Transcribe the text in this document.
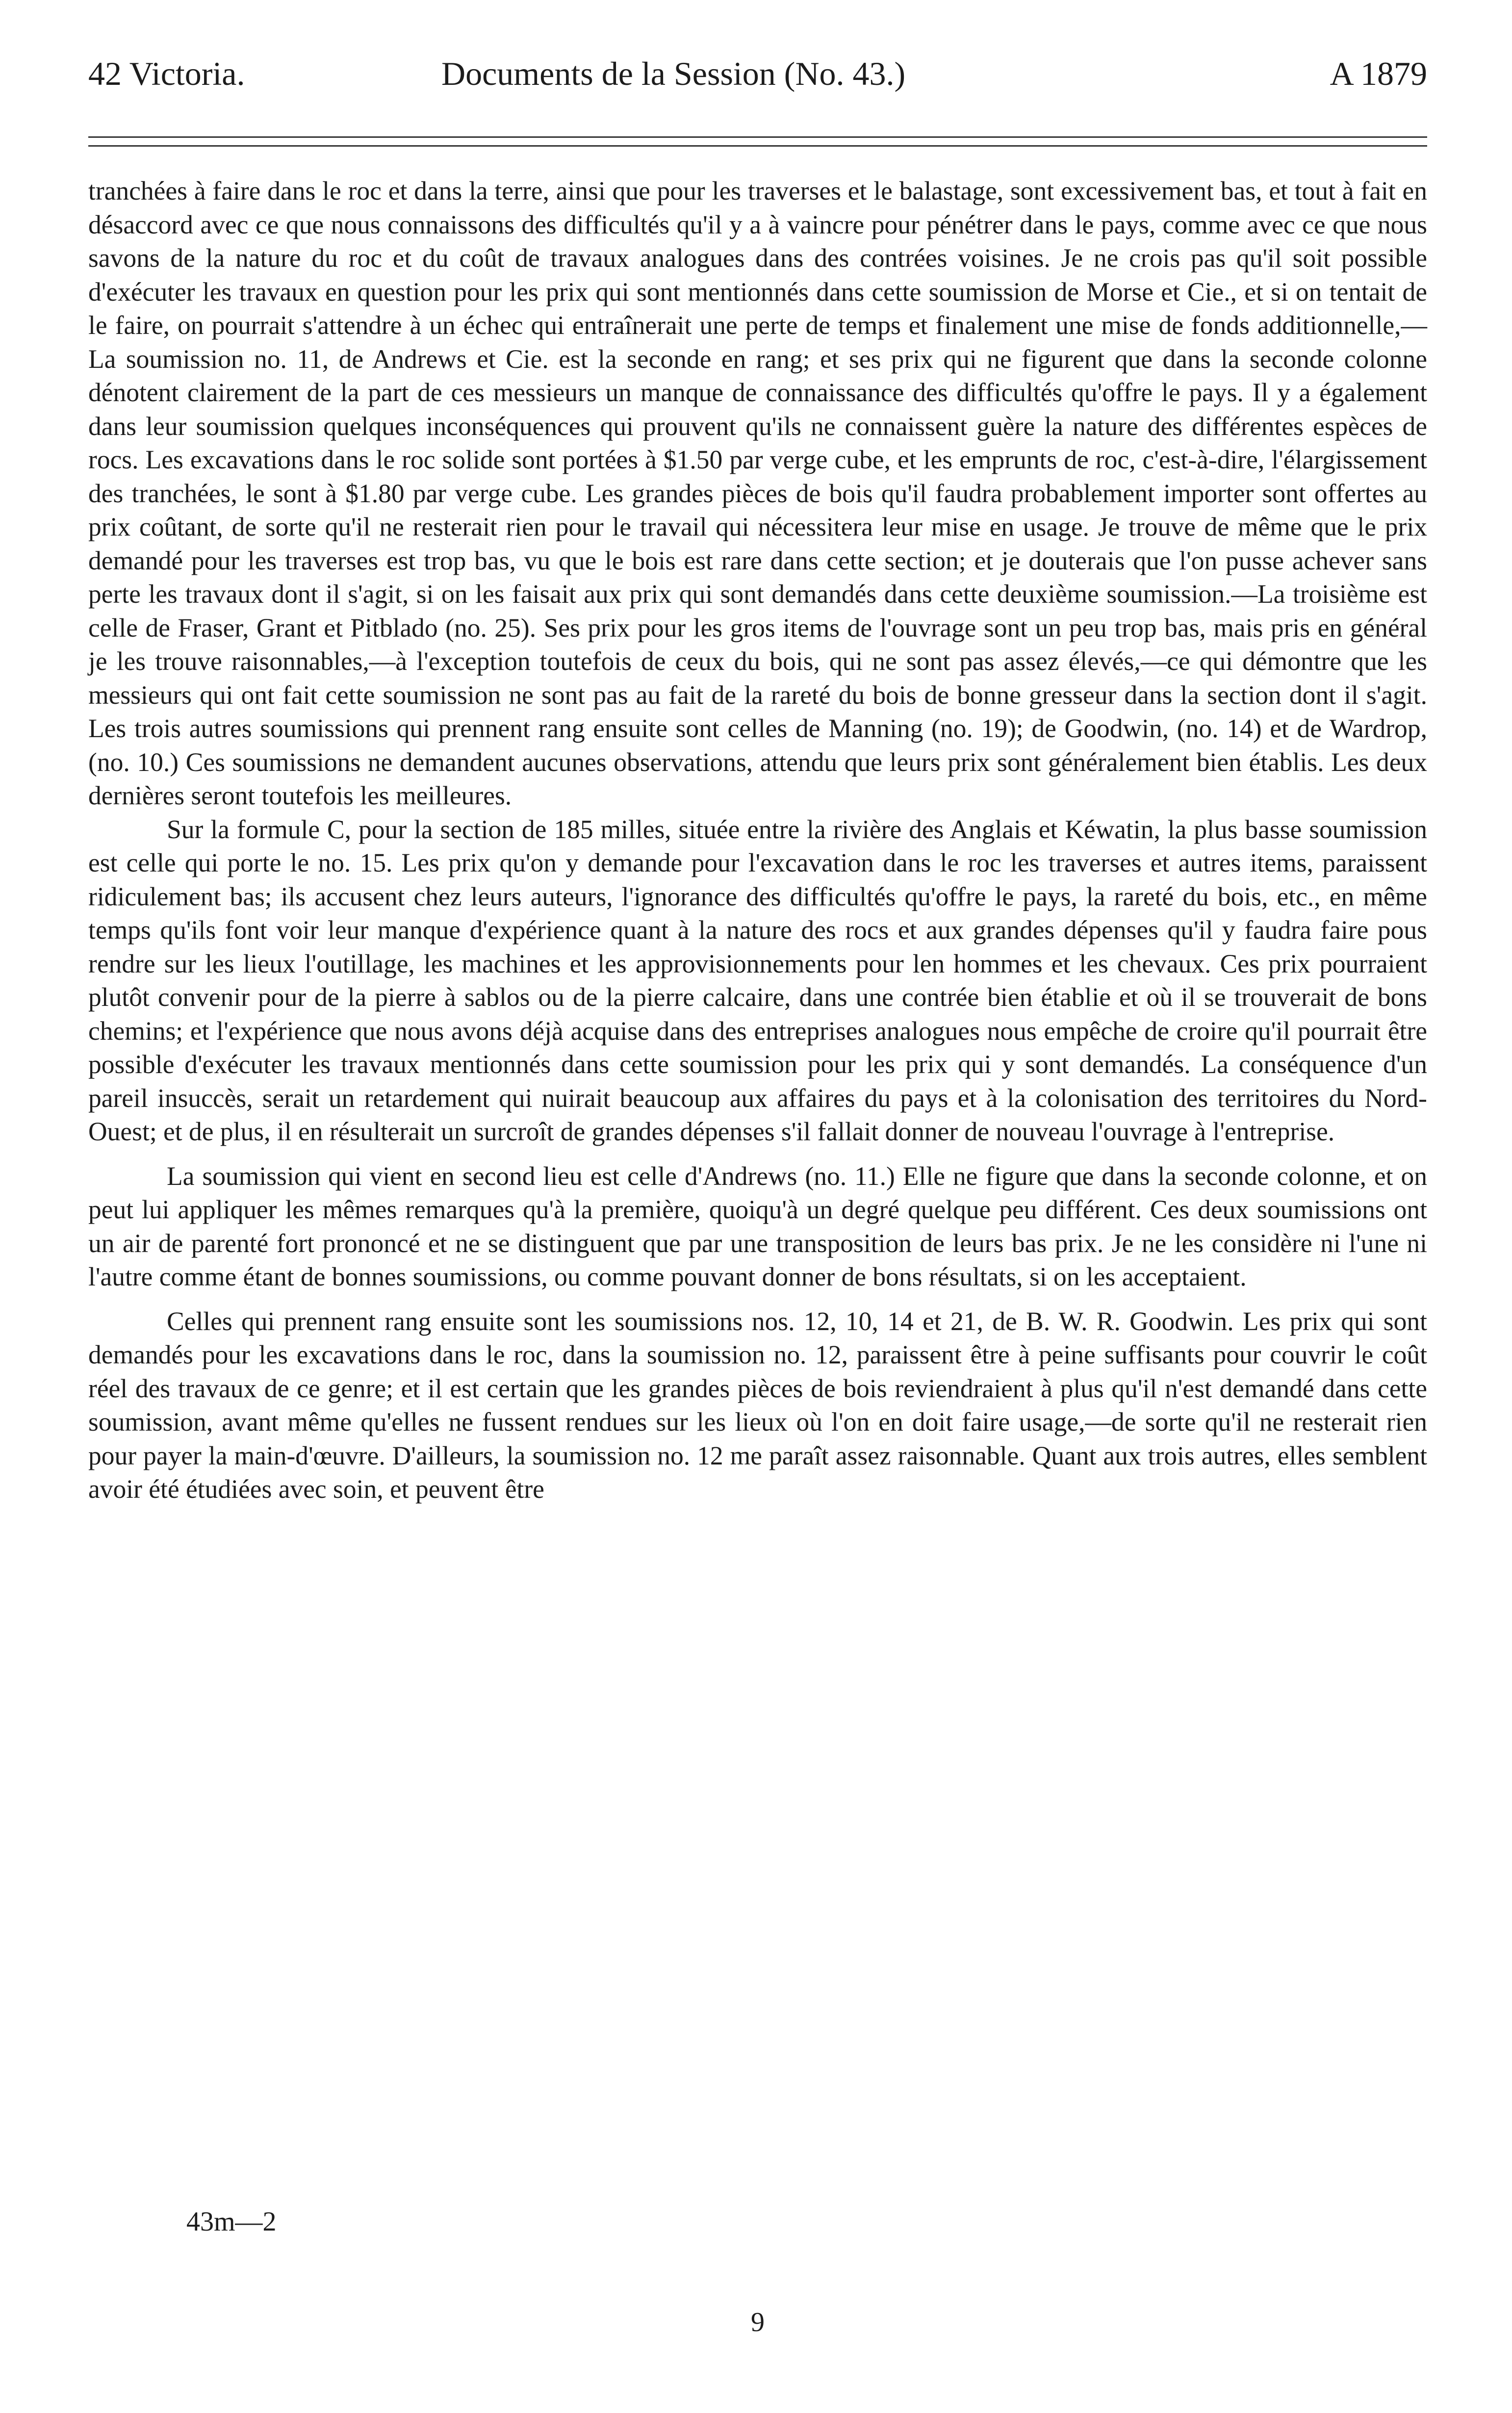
42 Victoria.	Documents de la Session (No. 43.)	A 1879

tranchées à faire dans le roc et dans la terre, ainsi que pour les traverses et le balastage, sont excessivement bas, et tout à fait en désaccord avec ce que nous connaissons des difficultés qu'il y a à vaincre pour pénétrer dans le pays, comme avec ce que nous savons de la nature du roc et du coût de travaux analogues dans des contrées voisines. Je ne crois pas qu'il soit possible d'exécuter les travaux en question pour les prix qui sont mentionnés dans cette soumission de Morse et Cie., et si on tentait de le faire, on pourrait s'attendre à un échec qui entraînerait une perte de temps et finalement une mise de fonds additionnelle,—La soumission no. 11, de Andrews et Cie. est la seconde en rang; et ses prix qui ne figurent que dans la seconde colonne dénotent clairement de la part de ces messieurs un manque de connaissance des difficultés qu'offre le pays. Il y a également dans leur soumission quelques inconséquences qui prouvent qu'ils ne connaissent guère la nature des différentes espèces de rocs. Les excavations dans le roc solide sont portées à $1.50 par verge cube, et les emprunts de roc, c'est-à-dire, l'élargissement des tranchées, le sont à $1.80 par verge cube. Les grandes pièces de bois qu'il faudra probablement importer sont offertes au prix coûtant, de sorte qu'il ne resterait rien pour le travail qui nécessitera leur mise en usage. Je trouve de même que le prix demandé pour les traverses est trop bas, vu que le bois est rare dans cette section; et je douterais que l'on pusse achever sans perte les travaux dont il s'agit, si on les faisait aux prix qui sont demandés dans cette deuxième soumission.—La troisième est celle de Fraser, Grant et Pitblado (no. 25). Ses prix pour les gros items de l'ouvrage sont un peu trop bas, mais pris en général je les trouve raisonnables,—à l'exception toutefois de ceux du bois, qui ne sont pas assez élevés,—ce qui démontre que les messieurs qui ont fait cette soumission ne sont pas au fait de la rareté du bois de bonne gresseur dans la section dont il s'agit. Les trois autres soumissions qui prennent rang ensuite sont celles de Manning (no. 19); de Goodwin, (no. 14) et de Wardrop, (no. 10.) Ces soumissions ne demandent aucunes observations, attendu que leurs prix sont généralement bien établis. Les deux dernières seront toutefois les meilleures.

Sur la formule C, pour la section de 185 milles, située entre la rivière des Anglais et Kéwatin, la plus basse soumission est celle qui porte le no. 15. Les prix qu'on y demande pour l'excavation dans le roc les traverses et autres items, paraissent ridiculement bas; ils accusent chez leurs auteurs, l'ignorance des difficultés qu'offre le pays, la rareté du bois, etc., en même temps qu'ils font voir leur manque d'expérience quant à la nature des rocs et aux grandes dépenses qu'il y faudra faire pous rendre sur les lieux l'outillage, les machines et les approvisionnements pour len hommes et les chevaux. Ces prix pourraient plutôt convenir pour de la pierre à sablos ou de la pierre calcaire, dans une contrée bien établie et où il se trouverait de bons chemins; et l'expérience que nous avons déjà acquise dans des entreprises analogues nous empêche de croire qu'il pourrait être possible d'exécuter les travaux mentionnés dans cette soumission pour les prix qui y sont demandés. La conséquence d'un pareil insuccès, serait un retardement qui nuirait beaucoup aux affaires du pays et à la colonisation des territoires du Nord-Ouest; et de plus, il en résulterait un surcroît de grandes dépenses s'il fallait donner de nouveau l'ouvrage à l'entreprise.

La soumission qui vient en second lieu est celle d'Andrews (no. 11.) Elle ne figure que dans la seconde colonne, et on peut lui appliquer les mêmes remarques qu'à la première, quoiqu'à un degré quelque peu différent. Ces deux soumissions ont un air de parenté fort prononcé et ne se distinguent que par une transposition de leurs bas prix. Je ne les considère ni l'une ni l'autre comme étant de bonnes soumissions, ou comme pouvant donner de bons résultats, si on les acceptaient.

Celles qui prennent rang ensuite sont les soumissions nos. 12, 10, 14 et 21, de B. W. R. Goodwin. Les prix qui sont demandés pour les excavations dans le roc, dans la soumission no. 12, paraissent être à peine suffisants pour couvrir le coût réel des travaux de ce genre; et il est certain que les grandes pièces de bois reviendraient à plus qu'il n'est demandé dans cette soumission, avant même qu'elles ne fussent rendues sur les lieux où l'on en doit faire usage,—de sorte qu'il ne resterait rien pour payer la main-d'œuvre. D'ailleurs, la soumission no. 12 me paraît assez raisonnable. Quant aux trois autres, elles semblent avoir été étudiées avec soin, et peuvent être

43m—2
9
